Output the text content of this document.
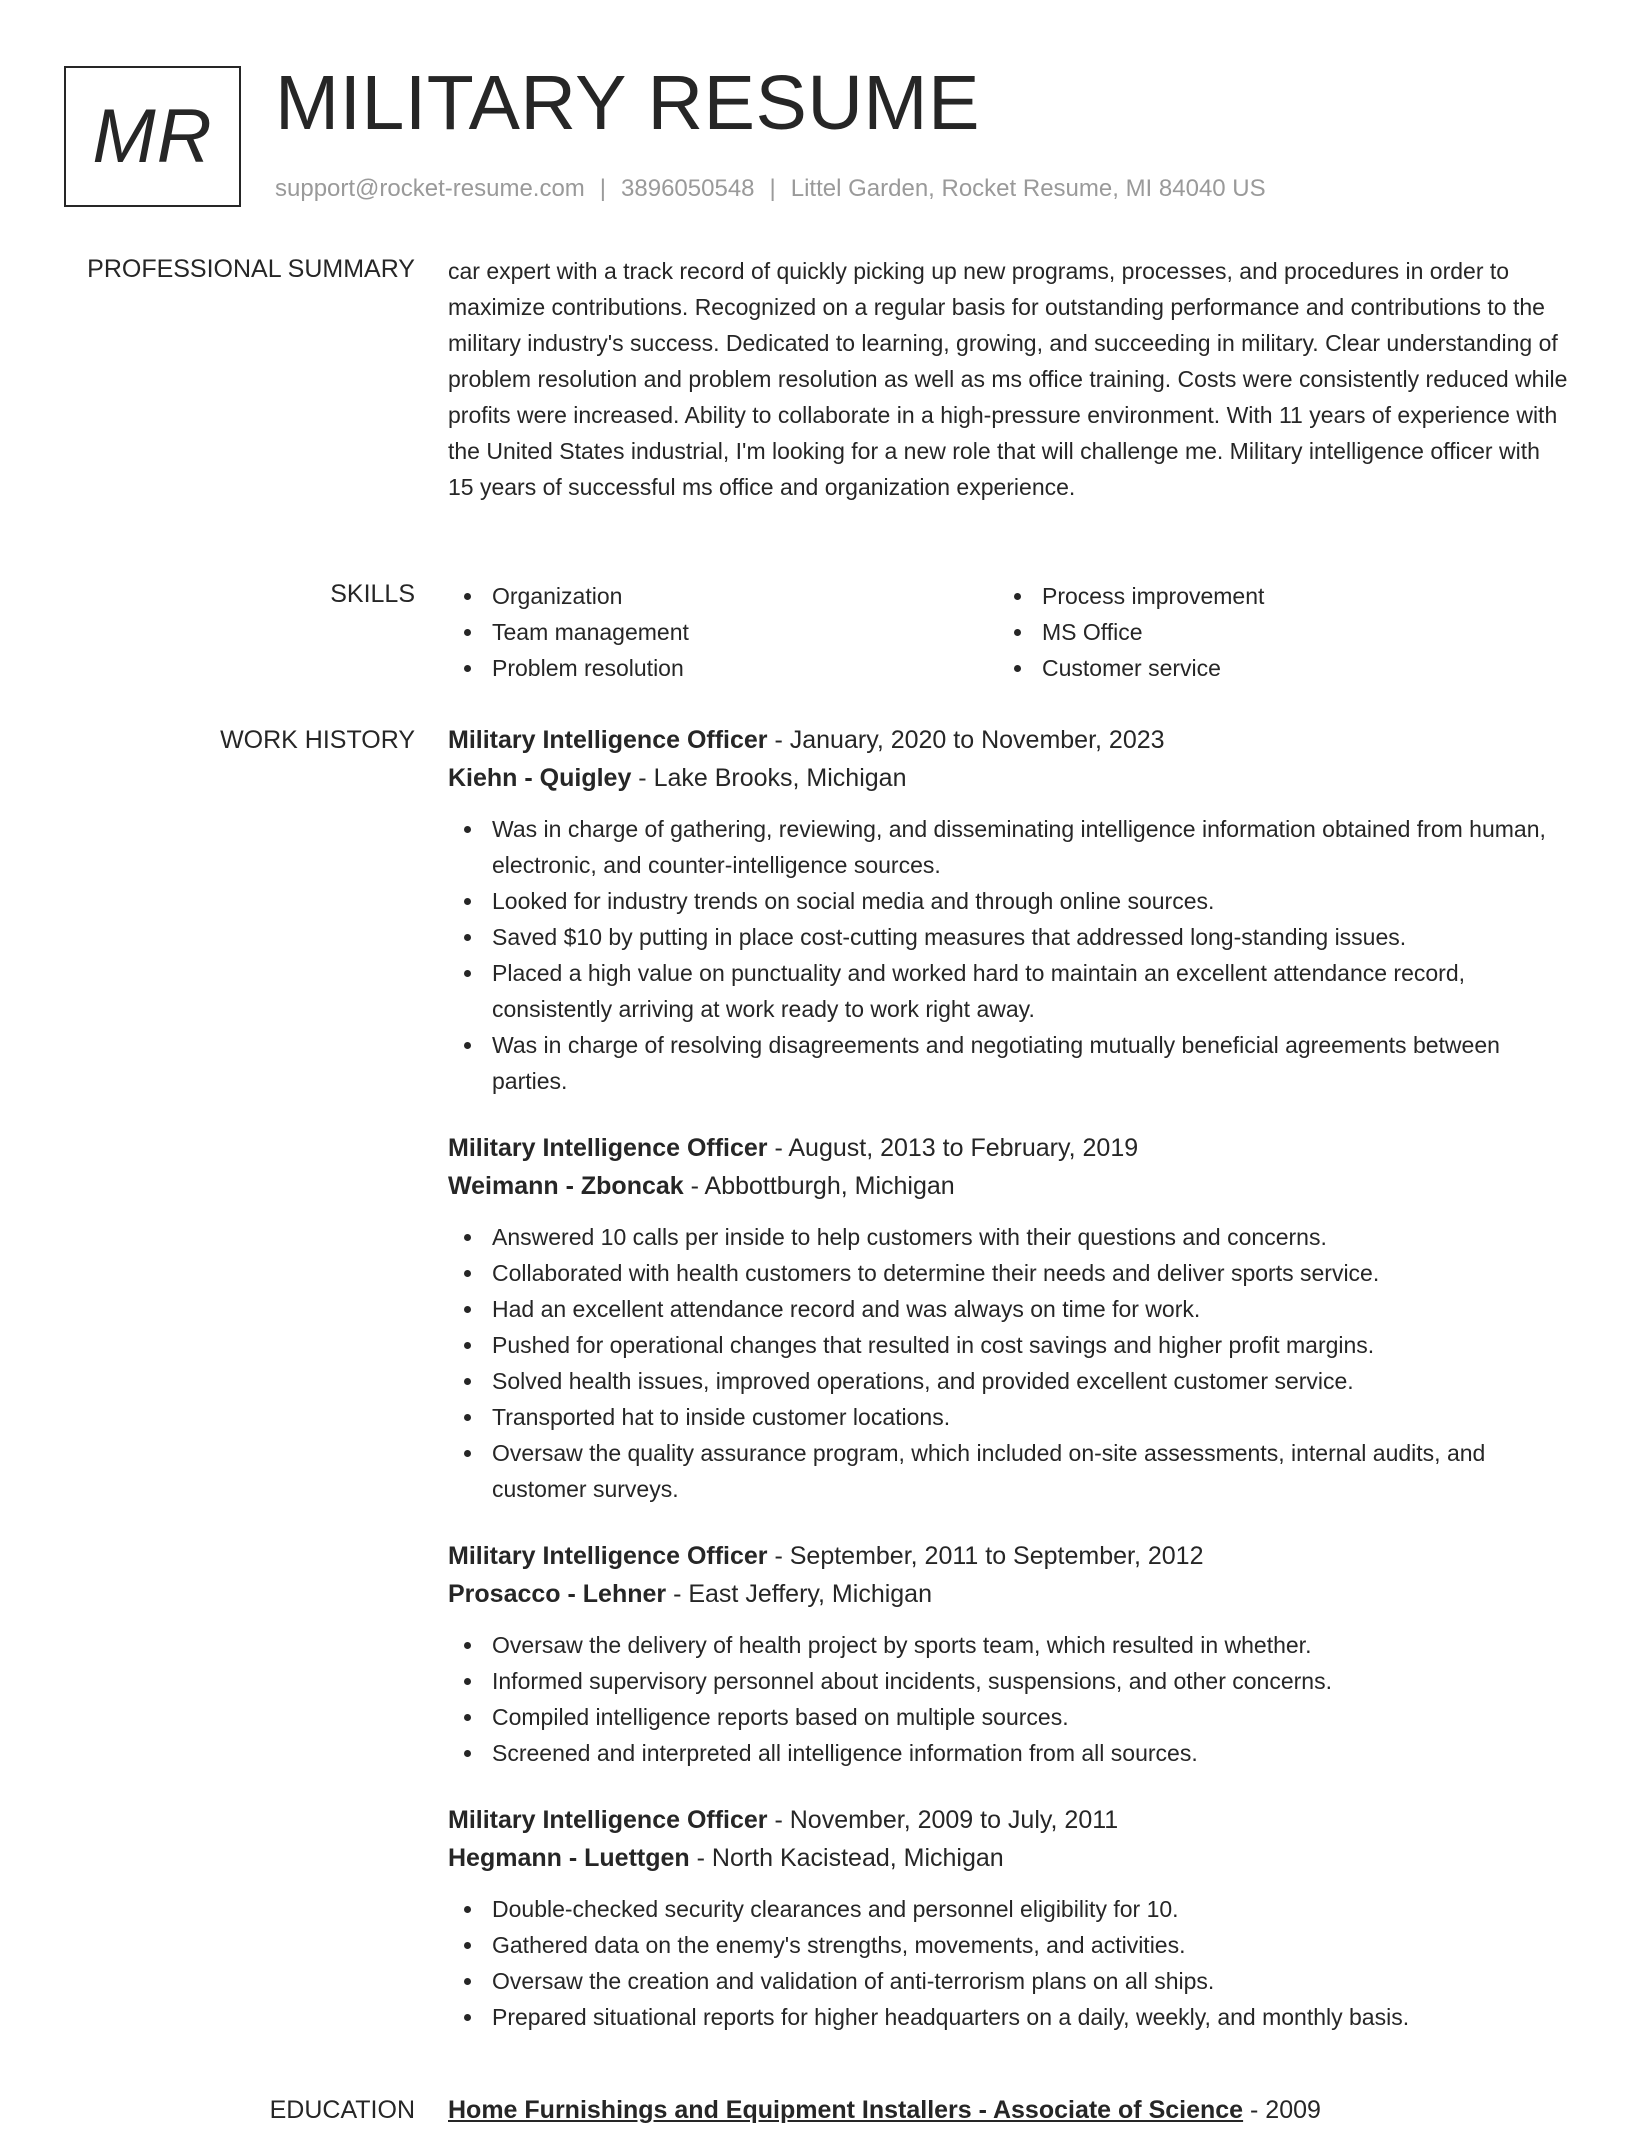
MR MILITARY RESUME
support@rocket-resume.com | 3896050548 | Littel Garden, Rocket Resume, MI 84040 US
PROFESSIONAL SUMMARY car expert with a track record of quickly picking up new programs, processes, and procedures in order to maximize contributions. Recognized on a regular basis for outstanding performance and contributions to the military industry's success. Dedicated to learning, growing, and succeeding in military. Clear understanding of problem resolution and problem resolution as well as ms office training. Costs were consistently reduced while profits were increased. Ability to collaborate in a high-pressure environment. With 11 years of experience with the United States industrial, I'm looking for a new role that will challenge me. Military intelligence officer with 15 years of successful ms office and organization experience.

SKILLS	Organization
Team management
Problem resolution
Process improvement
MS Office
Customer service
WORK HISTORY Military Intelligence Officer - January, 2020 to November, 2023
Kiehn - Quigley - Lake Brooks, Michigan
Was in charge of gathering, reviewing, and disseminating intelligence information obtained from human, electronic, and counter-intelligence sources.
Looked for industry trends on social media and through online sources.
Saved $10 by putting in place cost-cutting measures that addressed long-standing issues.
Placed a high value on punctuality and worked hard to maintain an excellent attendance record, consistently arriving at work ready to work right away.
Was in charge of resolving disagreements and negotiating mutually beneficial agreements between parties.
Military Intelligence Officer - August, 2013 to February, 2019
Weimann - Zboncak - Abbottburgh, Michigan
Answered 10 calls per inside to help customers with their questions and concerns.
Collaborated with health customers to determine their needs and deliver sports service.
Had an excellent attendance record and was always on time for work.
Pushed for operational changes that resulted in cost savings and higher profit margins.
Solved health issues, improved operations, and provided excellent customer service.
Transported hat to inside customer locations.
Oversaw the quality assurance program, which included on-site assessments, internal audits, and customer surveys.
Military Intelligence Officer - September, 2011 to September, 2012
Prosacco - Lehner - East Jeffery, Michigan
Oversaw the delivery of health project by sports team, which resulted in whether.
Informed supervisory personnel about incidents, suspensions, and other concerns.
Compiled intelligence reports based on multiple sources.
Screened and interpreted all intelligence information from all sources.
Military Intelligence Officer - November, 2009 to July, 2011
Hegmann - Luettgen - North Kacistead, Michigan
Double-checked security clearances and personnel eligibility for 10.
Gathered data on the enemy's strengths, movements, and activities.
Oversaw the creation and validation of anti-terrorism plans on all ships.
Prepared situational reports for higher headquarters on a daily, weekly, and monthly basis.
EDUCATION Home Furnishings and Equipment Installers - Associate of Science - 2009
